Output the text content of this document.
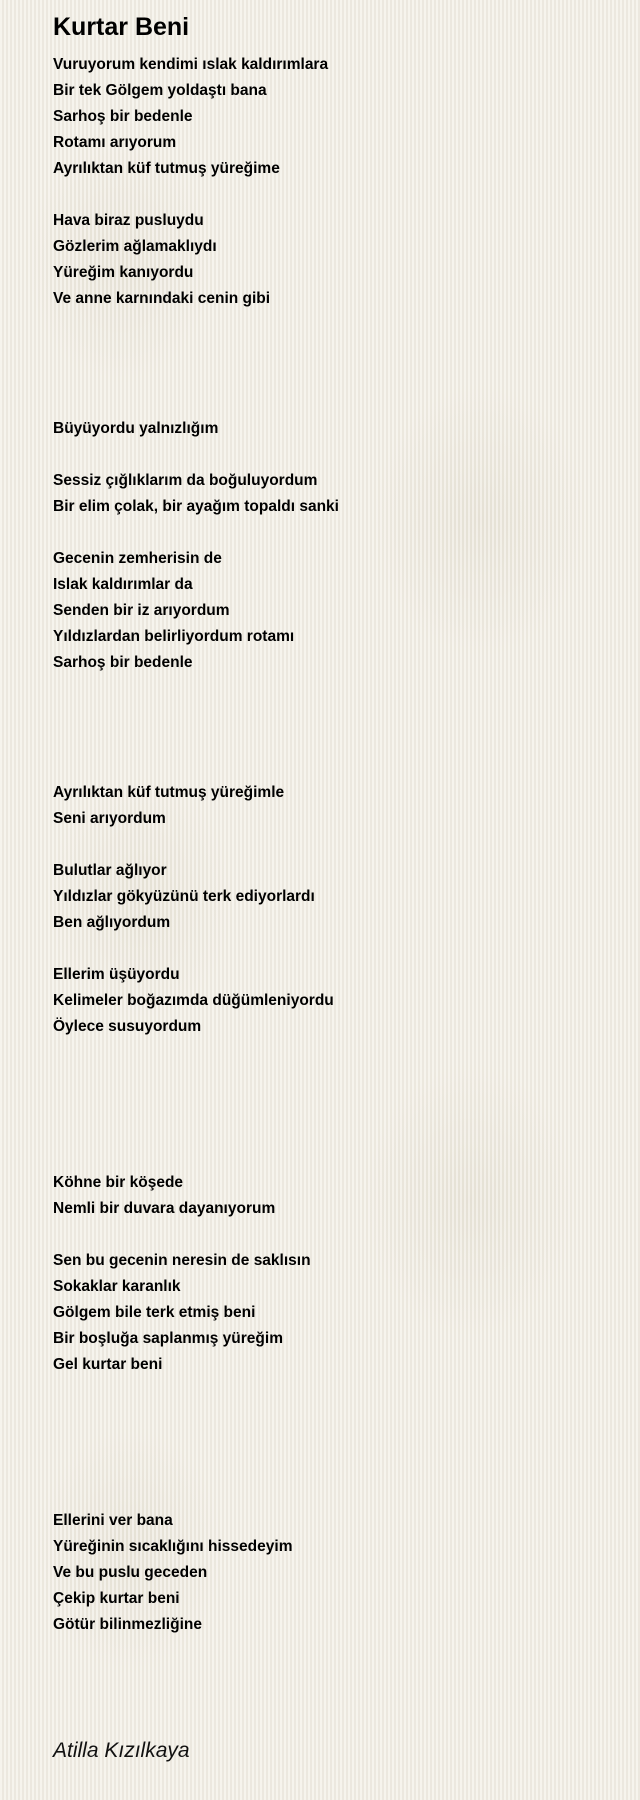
Kurtar Beni
Vuruyorum kendimi ıslak kaldırımlara
Bir tek Gölgem yoldaştı bana
Sarhoş bir bedenle
Rotamı arıyorum
Ayrılıktan küf tutmuş yüreğime
Hava biraz pusluydu
Gözlerim ağlamaklıydı
Yüreğim kanıyordu
Ve anne karnındaki cenin gibi
Büyüyordu yalnızlığım
Sessiz çığlıklarım da boğuluyordum
Bir elim çolak, bir ayağım topaldı sanki
Gecenin zemherisin de
Islak kaldırımlar da
Senden bir iz arıyordum
Yıldızlardan belirliyordum rotamı
Sarhoş bir bedenle
Ayrılıktan küf tutmuş yüreğimle
Seni arıyordum
Bulutlar ağlıyor
Yıldızlar gökyüzünü terk ediyorlardı
Ben ağlıyordum
Ellerim üşüyordu
Kelimeler boğazımda düğümleniyordu
Öylece susuyordum
Köhne bir köşede
Nemli bir duvara dayanıyorum
Sen bu gecenin neresin de saklısın
Sokaklar karanlık
Gölgem bile terk etmiş beni
Bir boşluğa saplanmış yüreğim
Gel kurtar beni
Ellerini ver bana
Yüreğinin sıcaklığını hissedeyim
Ve bu puslu geceden
Çekip kurtar beni
Götür bilinmezliğine
Atilla Kızılkaya
